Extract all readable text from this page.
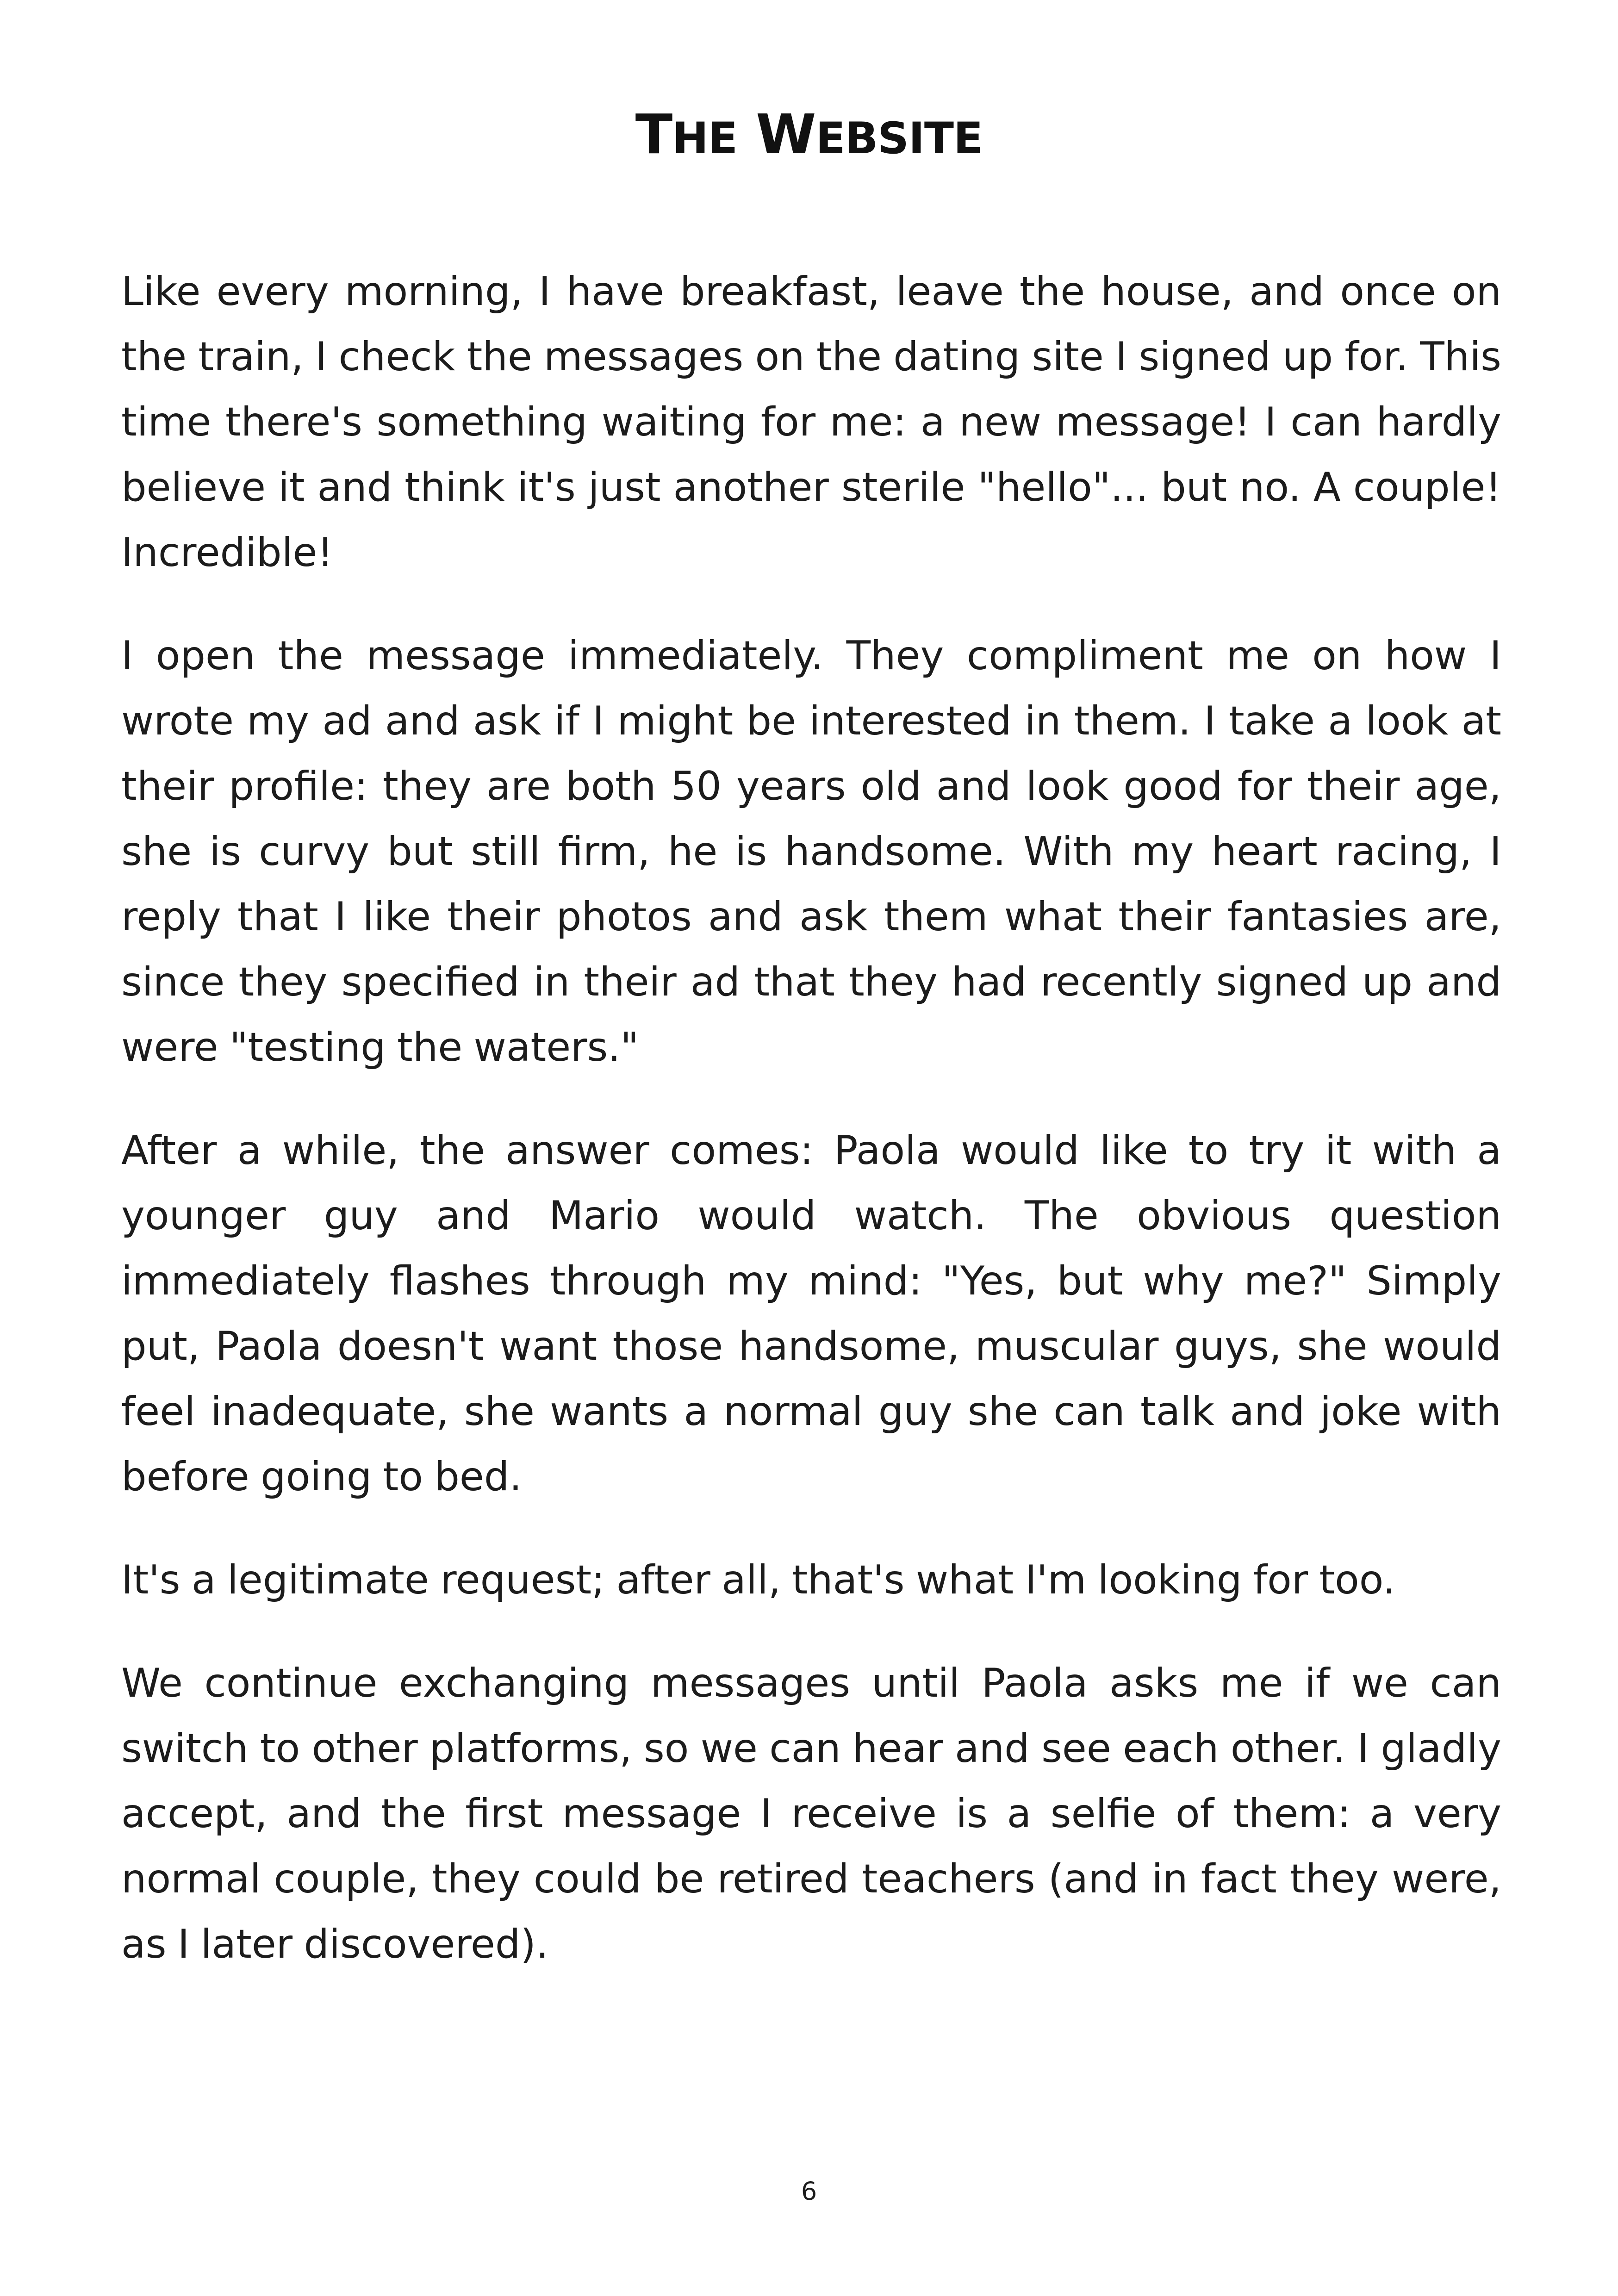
THE WEBSITE

Like every morning, I have breakfast, leave the house, and once on the train, I check the messages on the dating site I signed up for. This time there's something waiting for me: a new message! I can hardly believe it and think it's just another sterile "hello"... but no. A couple! Incredible!

I open the message immediately. They compliment me on how I wrote my ad and ask if I might be interested in them. I take a look at their profile: they are both 50 years old and look good for their age, she is curvy but still firm, he is handsome. With my heart racing, I reply that I like their photos and ask them what their fantasies are, since they specified in their ad that they had recently signed up and were "testing the waters."

After a while, the answer comes: Paola would like to try it with a younger guy and Mario would watch. The obvious question immediately flashes through my mind: "Yes, but why me?" Simply put, Paola doesn't want those handsome, muscular guys, she would feel inadequate, she wants a normal guy she can talk and joke with before going to bed.

It's a legitimate request; after all, that's what I'm looking for too.

We continue exchanging messages until Paola asks me if we can switch to other platforms, so we can hear and see each other. I gladly accept, and the first message I receive is a selfie of them: a very normal couple, they could be retired teachers (and in fact they were, as I later discovered).

6
